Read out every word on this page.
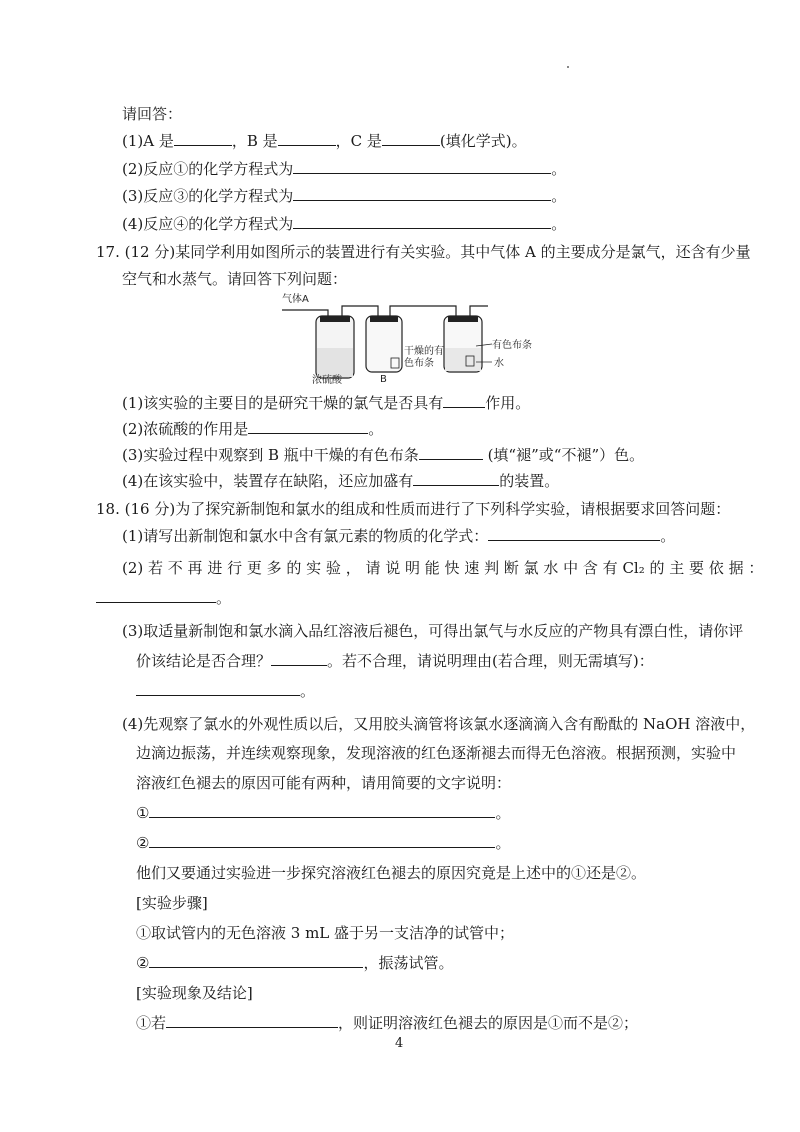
请回答：
(1)A 是	，B 是	，C 是	(填化学式)。
(2)反应①的化学方程式为	。
(3)反应③的化学方程式为	。
(4)反应④的化学方程式为	。
17. (12 分)某同学利用如图所示的装置进行有关实验。其中气体 A 的主要成分是氯气，还含有少量
空气和水蒸气。请回答下列问题：
气体A
浓硫酸	B
干燥的有
色布条
有色布条
水
(1)该实验的主要目的是研究干燥的氯气是否具有	作用。
(2)浓硫酸的作用是	。
(3)实验过程中观察到 B 瓶中干燥的有色布条	(填“褪”或“不褪”）色。
(4)在该实验中，装置存在缺陷，还应加盛有	的装置。
18. (16 分)为了探究新制饱和氯水的组成和性质而进行了下列科学实验，请根据要求回答问题：
(1)请写出新制饱和氯水中含有氯元素的物质的化学式：	。
(2) 若 不 再 进 行 更 多 的 实 验 ， 请 说 明 能 快 速 判 断 氯 水 中 含 有 Cl₂ 的 主 要 依 据 ：
。
(3)取适量新制饱和氯水滴入品红溶液后褪色，可得出氯气与水反应的产物具有漂白性，请你评
价该结论是否合理？	。若不合理，请说明理由(若合理，则无需填写)：
。
(4)先观察了氯水的外观性质以后，又用胶头滴管将该氯水逐滴滴入含有酚酞的 NaOH 溶液中，
边滴边振荡，并连续观察现象，发现溶液的红色逐渐褪去而得无色溶液。根据预测，实验中
溶液红色褪去的原因可能有两种，请用简要的文字说明：
①	。
②	。
他们又要通过实验进一步探究溶液红色褪去的原因究竟是上述中的①还是②。
[实验步骤]
①取试管内的无色溶液 3 mL 盛于另一支洁净的试管中；
②	，振荡试管。
[实验现象及结论]
①若	，则证明溶液红色褪去的原因是①而不是②；
4
